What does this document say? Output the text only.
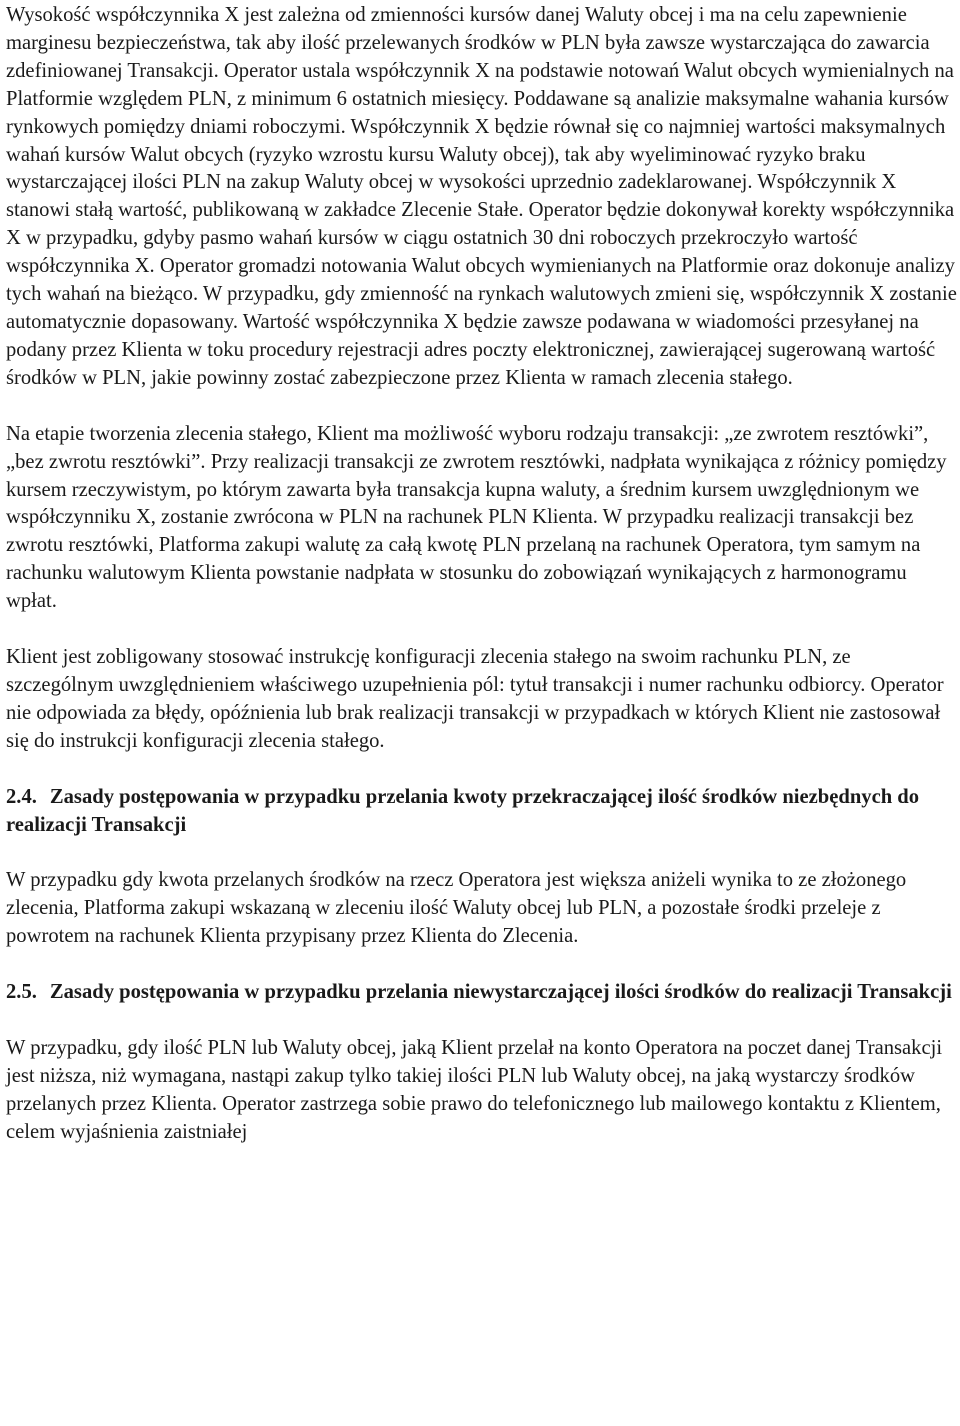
Wysokość współczynnika X jest zależna od zmienności kursów danej Waluty obcej i ma na celu zapewnienie marginesu bezpieczeństwa, tak aby ilość przelewanych środków w PLN była zawsze wystarczająca do zawarcia zdefiniowanej Transakcji. Operator ustala współczynnik X na podstawie notowań Walut obcych wymienialnych na Platformie względem PLN, z minimum 6 ostatnich miesięcy. Poddawane są analizie maksymalne wahania kursów rynkowych pomiędzy dniami roboczymi. Współczynnik X będzie równał się co najmniej wartości maksymalnych wahań kursów Walut obcych (ryzyko wzrostu kursu Waluty obcej), tak aby wyeliminować ryzyko braku wystarczającej ilości PLN na zakup Waluty obcej w wysokości uprzednio zadeklarowanej. Współczynnik X stanowi stałą wartość, publikowaną w zakładce Zlecenie Stałe. Operator będzie dokonywał korekty współczynnika X w przypadku, gdyby pasmo wahań kursów w ciągu ostatnich 30 dni roboczych przekroczyło wartość współczynnika X. Operator gromadzi notowania Walut obcych wymienianych na Platformie oraz dokonuje analizy tych wahań na bieżąco. W przypadku, gdy zmienność na rynkach walutowych zmieni się, współczynnik X zostanie automatycznie dopasowany. Wartość współczynnika X będzie zawsze podawana w wiadomości przesyłanej na podany przez Klienta w toku procedury rejestracji adres poczty elektronicznej, zawierającej sugerowaną wartość środków w PLN, jakie powinny zostać zabezpieczone przez Klienta w ramach zlecenia stałego.

Na etapie tworzenia zlecenia stałego, Klient ma możliwość wyboru rodzaju transakcji: „ze zwrotem resztówki”, „bez zwrotu resztówki”. Przy realizacji transakcji ze zwrotem resztówki, nadpłata wynikająca z różnicy pomiędzy kursem rzeczywistym, po którym zawarta była transakcja kupna waluty, a średnim kursem uwzględnionym we współczynniku X, zostanie zwrócona w PLN na rachunek PLN Klienta. W przypadku realizacji transakcji bez zwrotu resztówki, Platforma zakupi walutę za całą kwotę PLN przelaną na rachunek Operatora, tym samym na rachunku walutowym Klienta powstanie nadpłata w stosunku do zobowiązań wynikających z harmonogramu wpłat.

Klient jest zobligowany stosować instrukcję konfiguracji zlecenia stałego na swoim rachunku PLN, ze szczególnym uwzględnieniem właściwego uzupełnienia pól: tytuł transakcji i numer rachunku odbiorcy. Operator nie odpowiada za błędy, opóźnienia lub brak realizacji transakcji w przypadkach w których Klient nie zastosował się do instrukcji konfiguracji zlecenia stałego.

2.4. Zasady postępowania w przypadku przelania kwoty przekraczającej ilość środków niezbędnych do realizacji Transakcji

W przypadku gdy kwota przelanych środków na rzecz Operatora jest większa aniżeli wynika to ze złożonego zlecenia, Platforma zakupi wskazaną w zleceniu ilość Waluty obcej lub PLN, a pozostałe środki przeleje z powrotem na rachunek Klienta przypisany przez Klienta do Zlecenia.

2.5. Zasady postępowania w przypadku przelania niewystarczającej ilości środków do realizacji Transakcji

W przypadku, gdy ilość PLN lub Waluty obcej, jaką Klient przelał na konto Operatora na poczet danej Transakcji jest niższa, niż wymagana, nastąpi zakup tylko takiej ilości PLN lub Waluty obcej, na jaką wystarczy środków przelanych przez Klienta. Operator zastrzega sobie prawo do telefonicznego lub mailowego kontaktu z Klientem, celem wyjaśnienia zaistniałej
